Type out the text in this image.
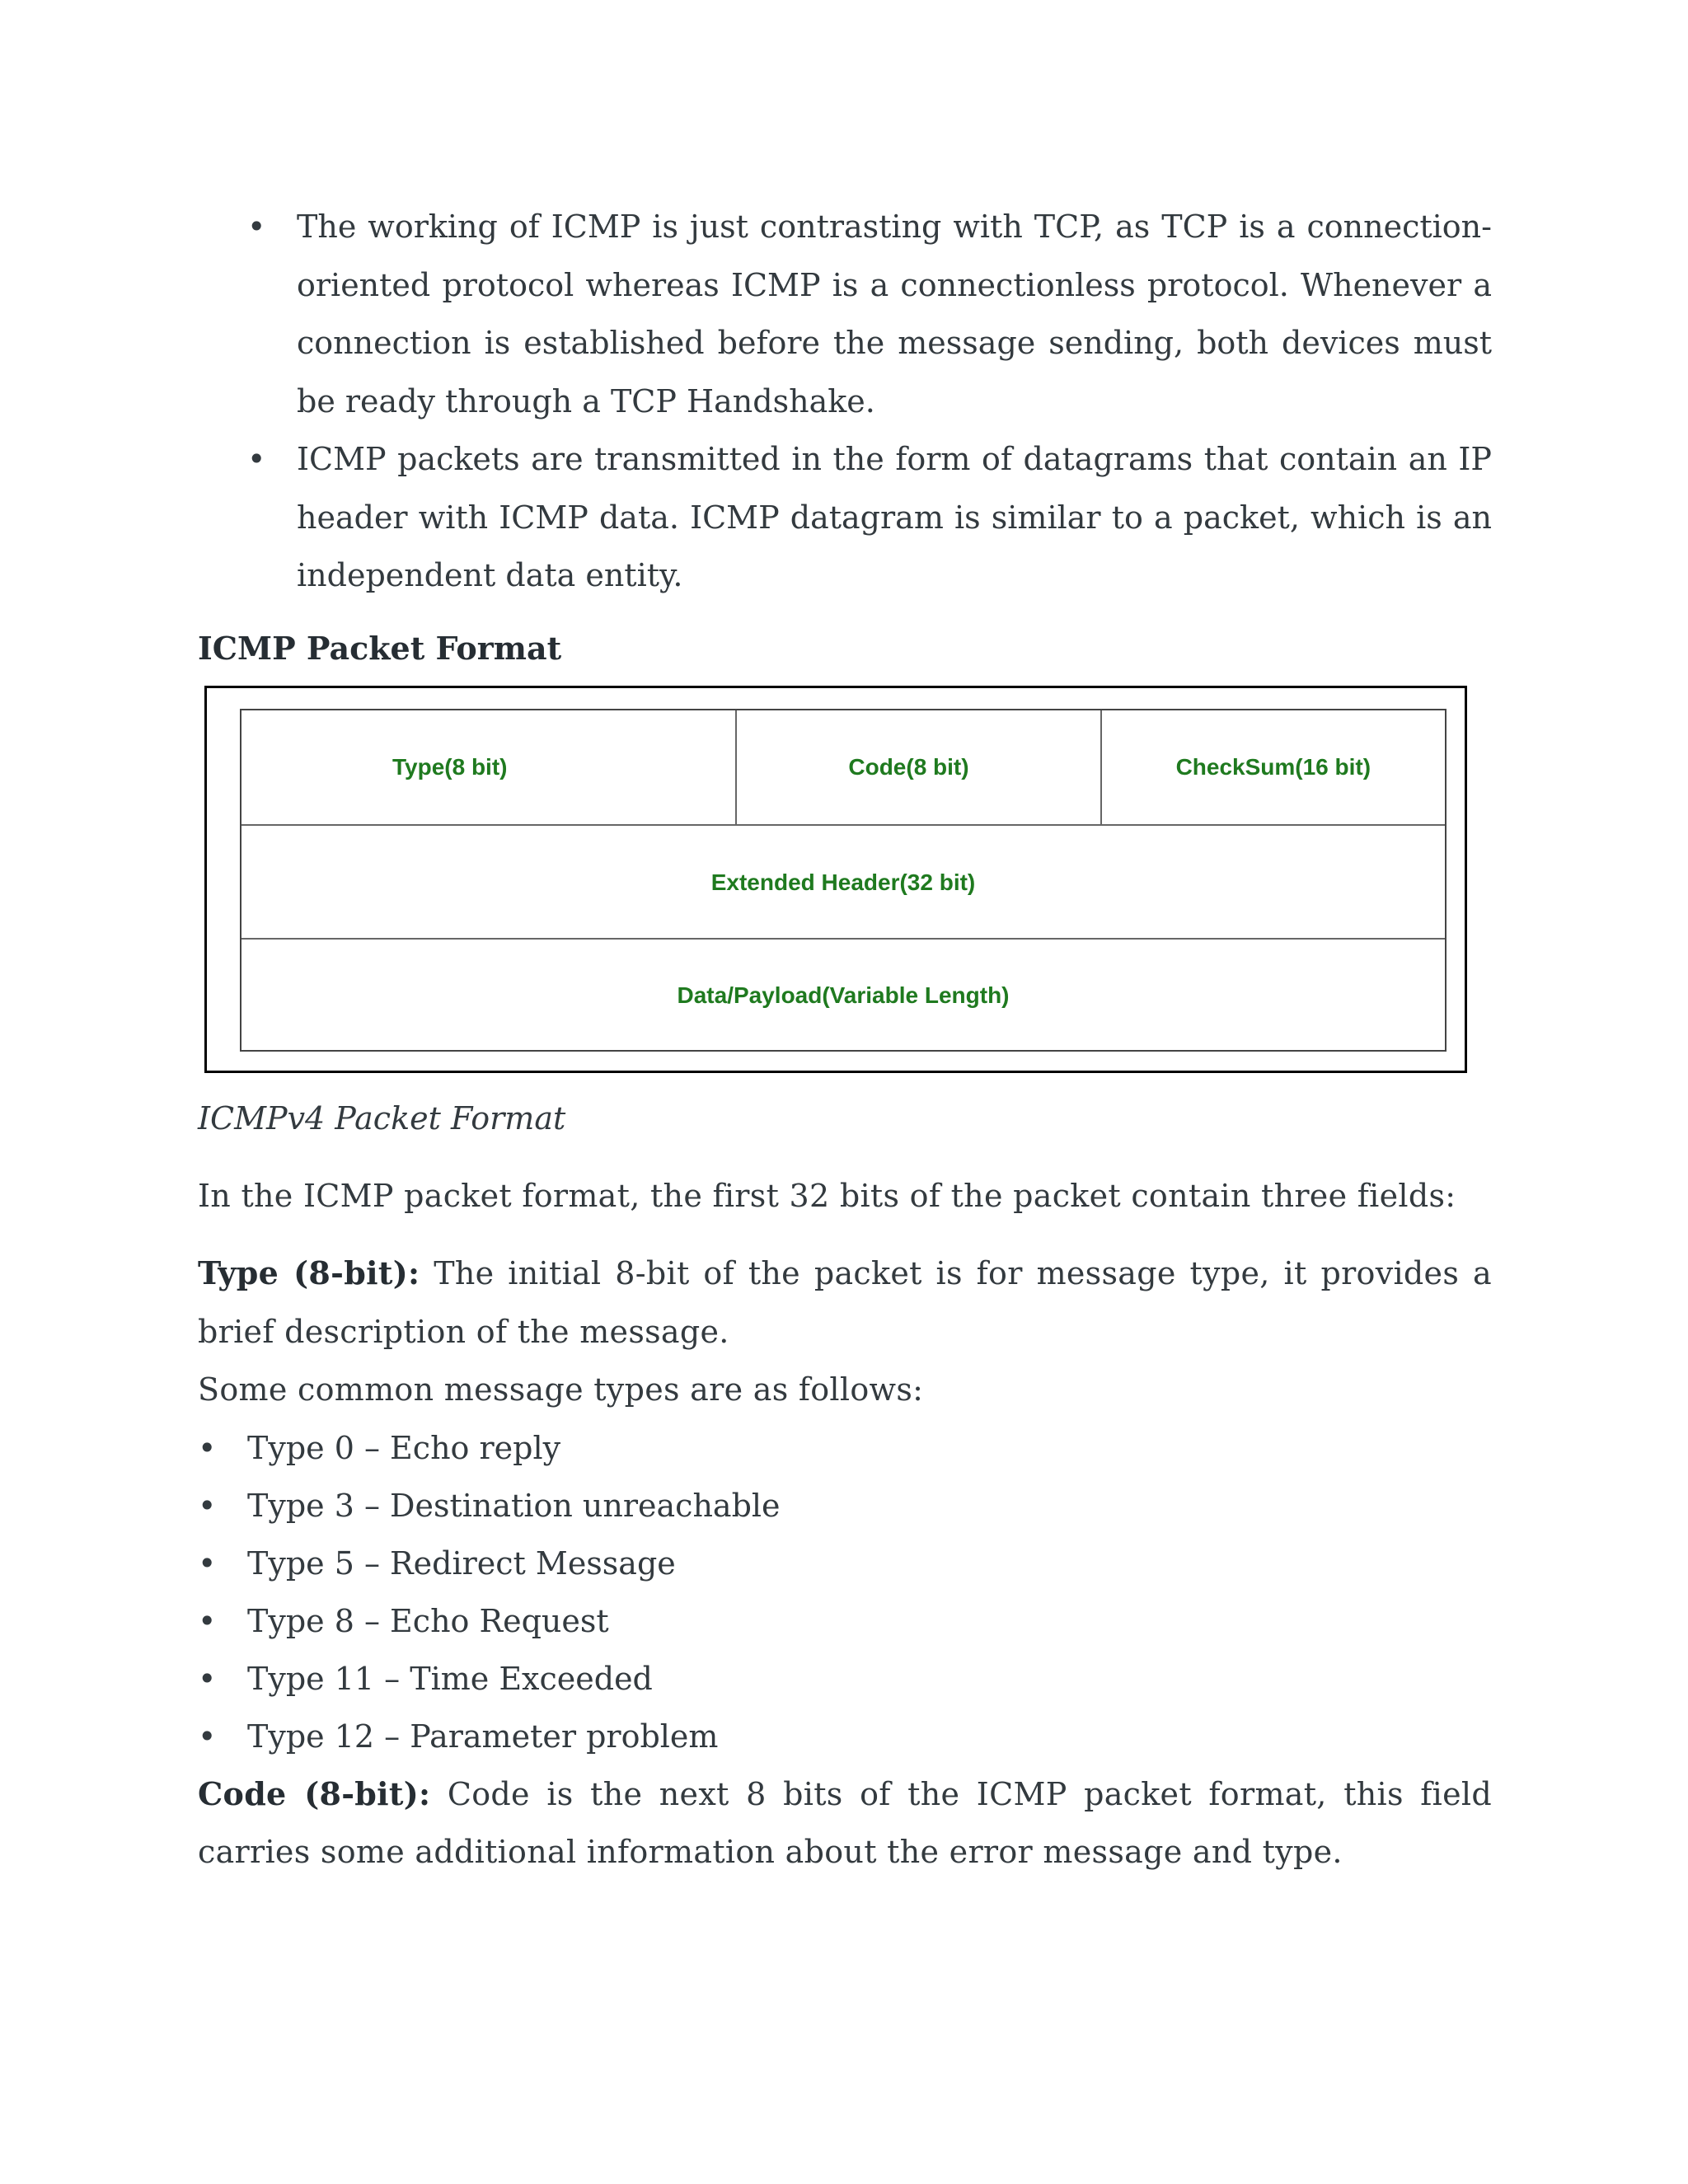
• The working of ICMP is just contrasting with TCP, as TCP is a connection-oriented protocol whereas ICMP is a connectionless protocol. Whenever a connection is established before the message sending, both devices must be ready through a TCP Handshake.
• ICMP packets are transmitted in the form of datagrams that contain an IP header with ICMP data. ICMP datagram is similar to a packet, which is an independent data entity.
ICMP Packet Format
Type(8 bit)	Code(8 bit)	CheckSum(16 bit)
Extended Header(32 bit)
Data/Payload(Variable Length)
ICMPv4 Packet Format

In the ICMP packet format, the first 32 bits of the packet contain three fields:

Type (8-bit): The initial 8-bit of the packet is for message type, it provides a brief description of the message.

Some common message types are as follows:

• Type 0 – Echo reply
• Type 3 – Destination unreachable
• Type 5 – Redirect Message
• Type 8 – Echo Request
• Type 11 – Time Exceeded
• Type 12 – Parameter problem

Code (8-bit): Code is the next 8 bits of the ICMP packet format, this field carries some additional information about the error message and type.
